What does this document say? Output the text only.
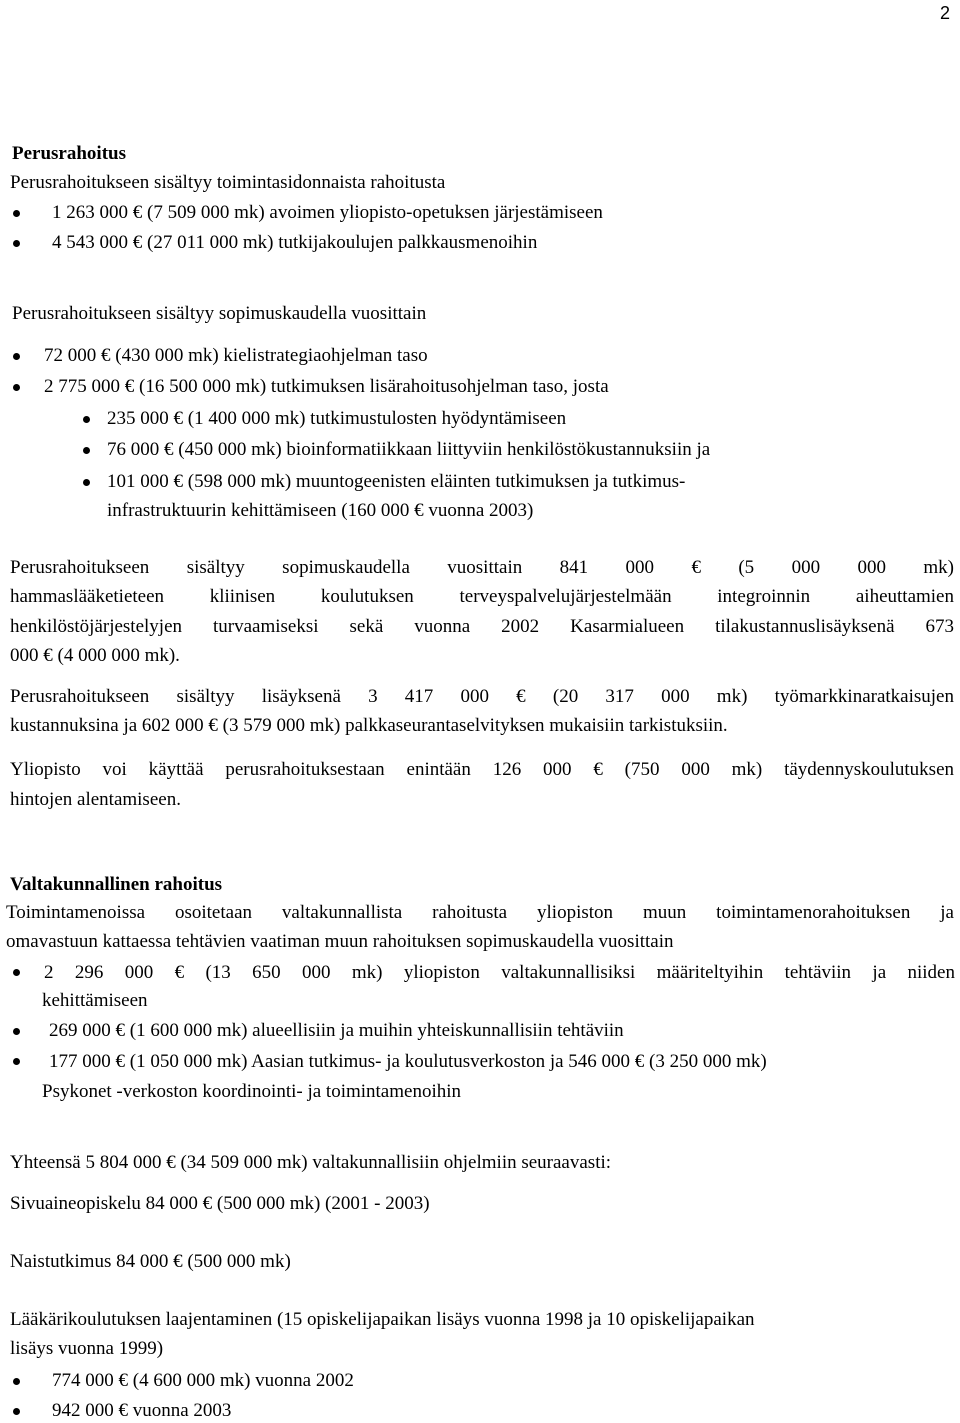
2
Perusrahoitus
Perusrahoitukseen sisältyy toimintasidonnaista rahoitusta
1 263 000 € (7 509 000 mk) avoimen yliopisto-opetuksen järjestämiseen
4 543 000 € (27 011 000 mk) tutkijakoulujen palkkausmenoihin
Perusrahoitukseen sisältyy sopimuskaudella vuosittain
72 000 € (430 000 mk) kielistrategiaohjelman taso
2 775 000 € (16 500 000 mk) tutkimuksen lisärahoitusohjelman taso, josta
235 000 € (1 400 000 mk) tutkimustulosten hyödyntämiseen
76 000 € (450 000 mk) bioinformatiikkaan liittyviin henkilöstökustannuksiin ja
101 000 € (598 000 mk) muuntogeenisten eläinten tutkimuksen ja tutkimus-
infrastruktuurin kehittämiseen (160 000 € vuonna 2003)
Perusrahoitukseen sisältyy sopimuskaudella vuosittain 841 000 € (5 000 000 mk)
hammaslääketieteen kliinisen koulutuksen terveyspalvelujärjestelmään integroinnin aiheuttamien
henkilöstöjärjestelyjen turvaamiseksi sekä vuonna 2002 Kasarmialueen tilakustannuslisäyksenä 673
000 € (4 000 000 mk).
Perusrahoitukseen sisältyy lisäyksenä 3 417 000 € (20 317 000 mk) työmarkkinaratkaisujen
kustannuksina ja 602 000 € (3 579 000 mk) palkkaseurantaselvityksen mukaisiin tarkistuksiin.
Yliopisto voi käyttää perusrahoituksestaan enintään 126 000 € (750 000 mk) täydennyskoulutuksen
hintojen alentamiseen.
Valtakunnallinen rahoitus
Toimintamenoissa osoitetaan valtakunnallista rahoitusta yliopiston muun toimintamenorahoituksen ja
omavastuun kattaessa tehtävien vaatiman muun rahoituksen sopimuskaudella vuosittain
2 296 000 € (13 650 000 mk) yliopiston valtakunnallisiksi määriteltyihin tehtäviin ja niiden
kehittämiseen
269 000 € (1 600 000 mk) alueellisiin ja muihin yhteiskunnallisiin tehtäviin
177 000 € (1 050 000 mk) Aasian tutkimus- ja koulutusverkoston ja 546 000 € (3 250 000 mk)
Psykonet -verkoston koordinointi- ja toimintamenoihin
Yhteensä 5 804 000 € (34 509 000 mk) valtakunnallisiin ohjelmiin seuraavasti:
Sivuaineopiskelu 84 000 € (500 000 mk) (2001 - 2003)
Naistutkimus 84 000 € (500 000 mk)
Lääkärikoulutuksen laajentaminen (15 opiskelijapaikan lisäys vuonna 1998 ja 10 opiskelijapaikan
lisäys vuonna 1999)
774 000 € (4 600 000 mk) vuonna 2002
942 000 € vuonna 2003
